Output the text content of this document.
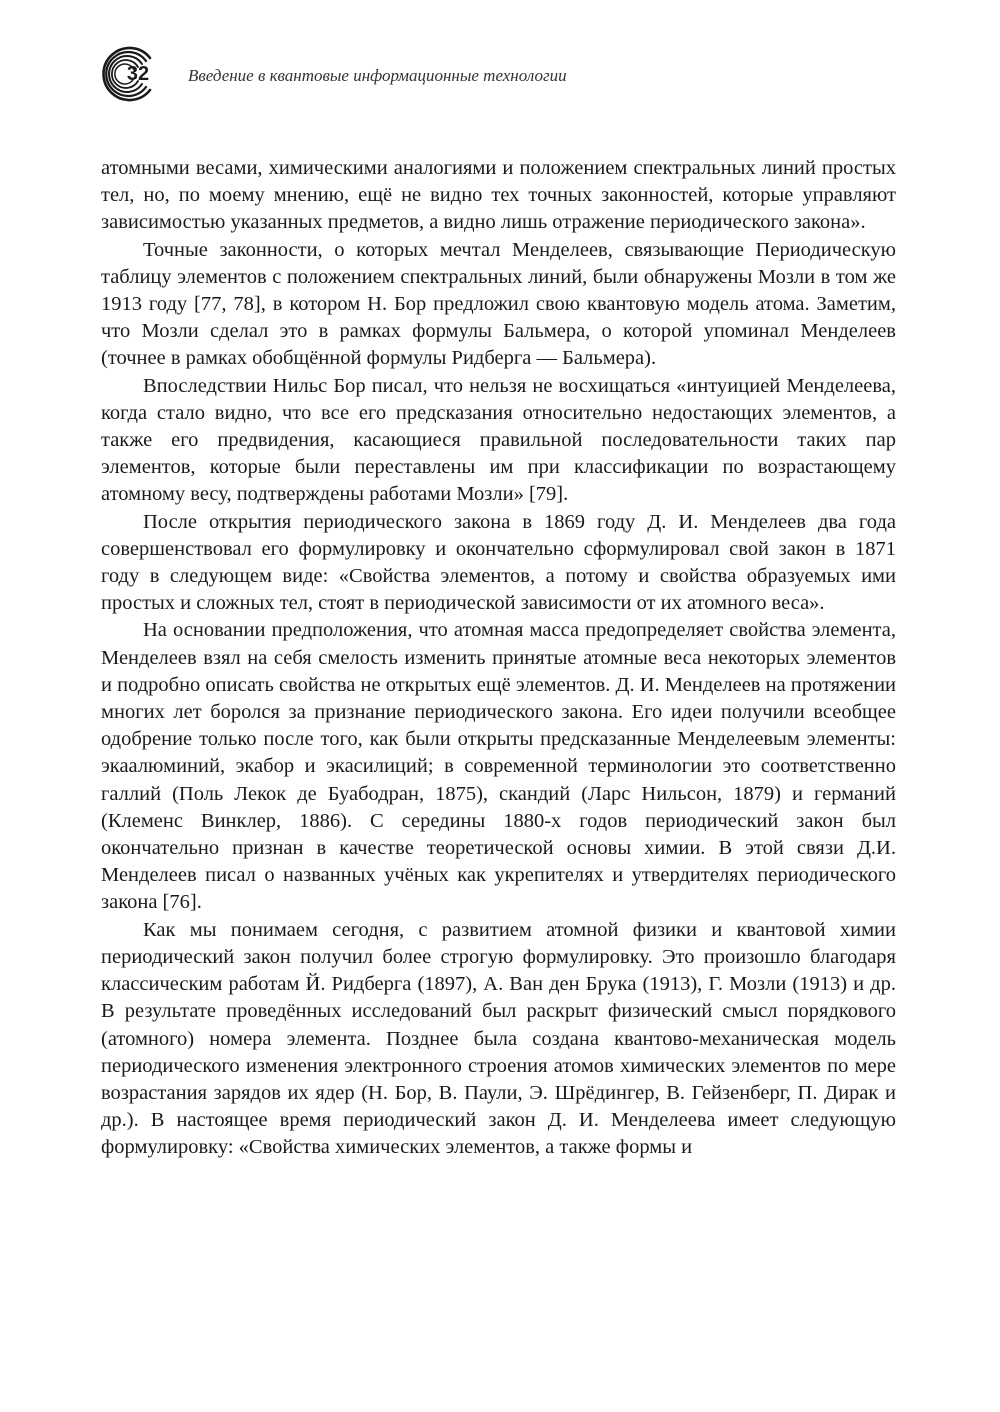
32	Введение в квантовые информационные технологии

атомными весами, химическими аналогиями и положением спектральных линий простых тел, но, по моему мнению, ещё не видно тех точных законностей, которые управляют зависимостью указанных предметов, а видно лишь отражение периодического закона».

Точные законности, о которых мечтал Менделеев, связывающие Периодическую таблицу элементов с положением спектральных линий, были обнаружены Мозли в том же 1913 году [77, 78], в котором Н. Бор предложил свою квантовую модель атома. Заметим, что Мозли сделал это в рамках формулы Бальмера, о которой упоминал Менделеев (точнее в рамках обобщённой формулы Ридберга — Бальмера).

Впоследствии Нильс Бор писал, что нельзя не восхищаться «интуицией Менделеева, когда стало видно, что все его предсказания относительно недостающих элементов, а также его предвидения, касающиеся правильной последовательности таких пар элементов, которые были переставлены им при классификации по возрастающему атомному весу, подтверждены работами Мозли» [79].

После открытия периодического закона в 1869 году Д. И. Менделеев два года совершенствовал его формулировку и окончательно сформулировал свой закон в 1871 году в следующем виде: «Свойства элементов, а потому и свойства образуемых ими простых и сложных тел, стоят в периодической зависимости от их атомного веса».

На основании предположения, что атомная масса предопределяет свойства элемента, Менделеев взял на себя смелость изменить принятые атомные веса некоторых элементов и подробно описать свойства не открытых ещё элементов. Д. И. Менделеев на протяжении многих лет боролся за признание периодического закона. Его идеи получили всеобщее одобрение только после того, как были открыты предсказанные Менделеевым элементы: экаалюминий, экабор и экасилиций; в современной терминологии это соответственно галлий (Поль Лекок де Буабодран, 1875), скандий (Ларс Нильсон, 1879) и германий (Клеменс Винклер, 1886). С середины 1880-х годов периодический закон был окончательно признан в качестве теоретической основы химии. В этой связи Д.И. Менделеев писал о названных учёных как укрепителях и утвердителях периодического закона [76].

Как мы понимаем сегодня, с развитием атомной физики и квантовой химии периодический закон получил более строгую формулировку. Это произошло благодаря классическим работам Й. Ридберга (1897), А. Ван ден Брука (1913), Г. Мозли (1913) и др. В результате проведённых исследований был раскрыт физический смысл порядкового (атомного) номера элемента. Позднее была создана квантово-механическая модель периодического изменения электронного строения атомов химических элементов по мере возрастания зарядов их ядер (Н. Бор, В. Паули, Э. Шрёдингер, В. Гейзенберг, П. Дирак и др.). В настоящее время периодический закон Д. И. Менделеева имеет следующую формулировку: «Свойства химических элементов, а также формы и
